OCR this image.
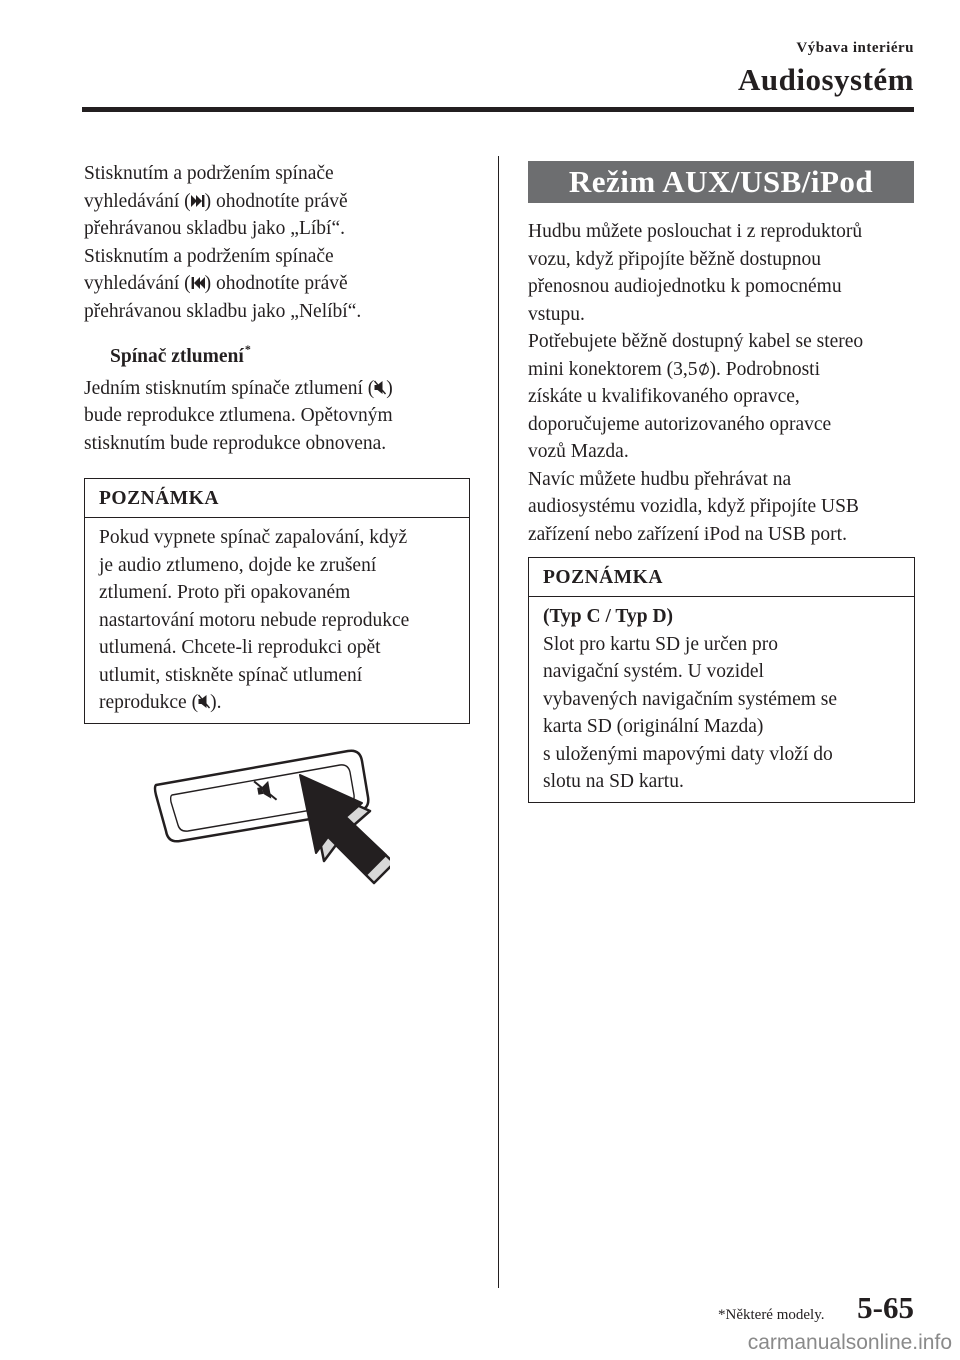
Výbava interiéru
Audiosystém
Stisknutím a podržením spínače
vyhledávání ( ) ohodnotíte právě
přehrávanou skladbu jako „Líbí“.
Stisknutím a podržením spínače
vyhledávání ( ) ohodnotíte právě
přehrávanou skladbu jako „Nelíbí“.
Spínač ztlumení*
Jedním stisknutím spínače ztlumení ( )
bude reprodukce ztlumena. Opětovným
stisknutím bude reprodukce obnovena.
POZNÁMKA
Pokud vypnete spínač zapalování, když
je audio ztlumeno, dojde ke zrušení
ztlumení. Proto při opakovaném
nastartování motoru nebude reprodukce
utlumená. Chcete-li reprodukci opět
utlumit, stiskněte spínač utlumení
reprodukce ( ).
Režim AUX/USB/iPod
Hudbu můžete poslouchat i z reproduktorů
vozu, když připojíte běžně dostupnou
přenosnou audiojednotku k pomocnému
vstupu.
Potřebujete běžně dostupný kabel se stereo
mini konektorem (3,5 ). Podrobnosti
získáte u kvalifikovaného opravce,
doporučujeme autorizovaného opravce
vozů Mazda.
Navíc můžete hudbu přehrávat na
audiosystému vozidla, když připojíte USB
zařízení nebo zařízení iPod na USB port.
POZNÁMKA
(Typ C / Typ D)
Slot pro kartu SD je určen pro
navigační systém. U vozidel
vybavených navigačním systémem se
karta SD (originální Mazda)
s uloženými mapovými daty vloží do
slotu na SD kartu.
*Některé modely. 5-65
carmanualsonline.info
